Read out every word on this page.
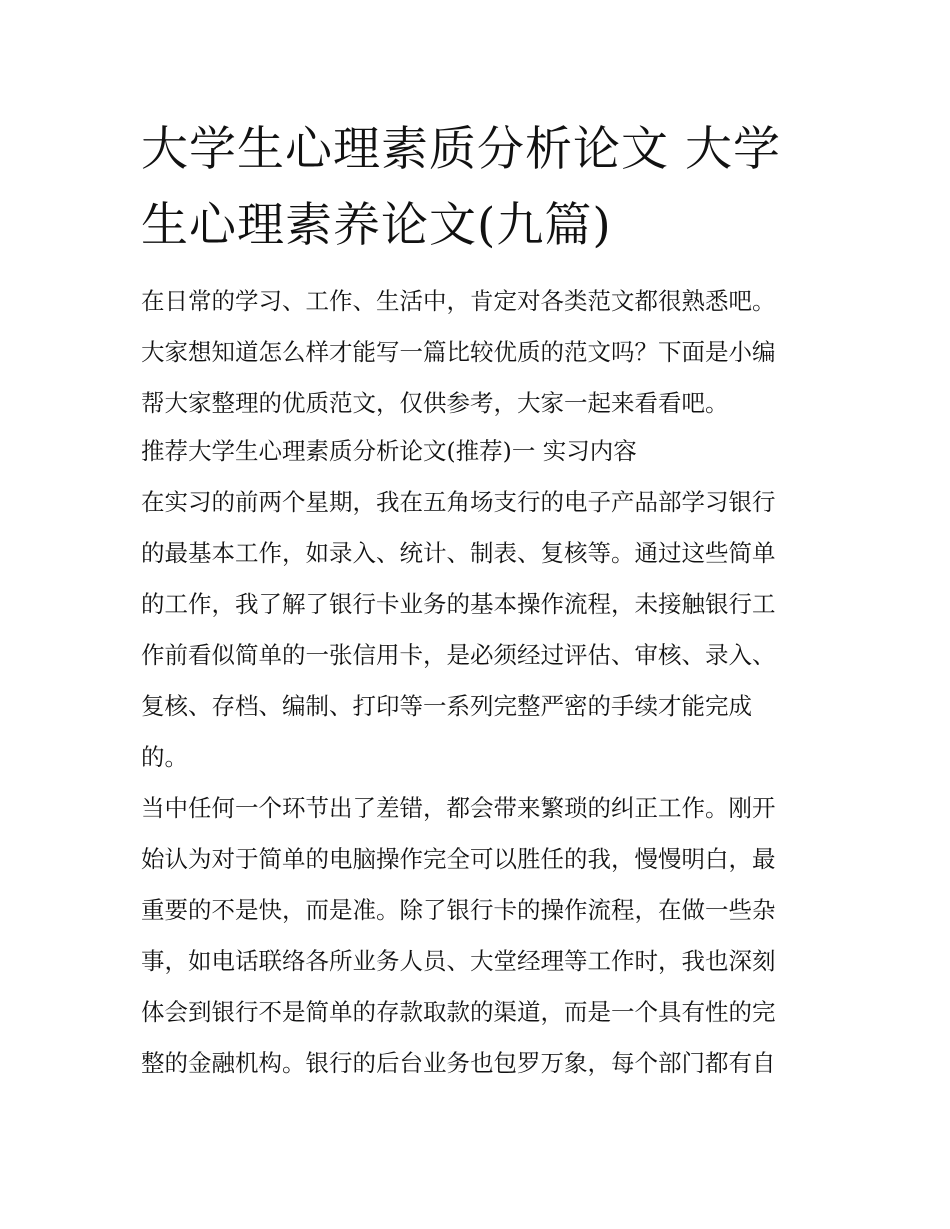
大学生心理素质分析论文 大学
生心理素养论文(九篇)

在日常的学习、工作、生活中，肯定对各类范文都很熟悉吧。

大家想知道怎么样才能写一篇比较优质的范文吗？下面是小编

帮大家整理的优质范文，仅供参考，大家一起来看看吧。

推荐大学生心理素质分析论文(推荐)一 实习内容

在实习的前两个星期，我在五角场支行的电子产品部学习银行

的最基本工作，如录入、统计、制表、复核等。通过这些简单

的工作，我了解了银行卡业务的基本操作流程，未接触银行工

作前看似简单的一张信用卡，是必须经过评估、审核、录入、

复核、存档、编制、打印等一系列完整严密的手续才能完成

的。

当中任何一个环节出了差错，都会带来繁琐的纠正工作。刚开

始认为对于简单的电脑操作完全可以胜任的我，慢慢明白，最

重要的不是快，而是准。除了银行卡的操作流程，在做一些杂

事，如电话联络各所业务人员、大堂经理等工作时，我也深刻

体会到银行不是简单的存款取款的渠道，而是一个具有性的完

整的金融机构。银行的后台业务也包罗万象，每个部门都有自
